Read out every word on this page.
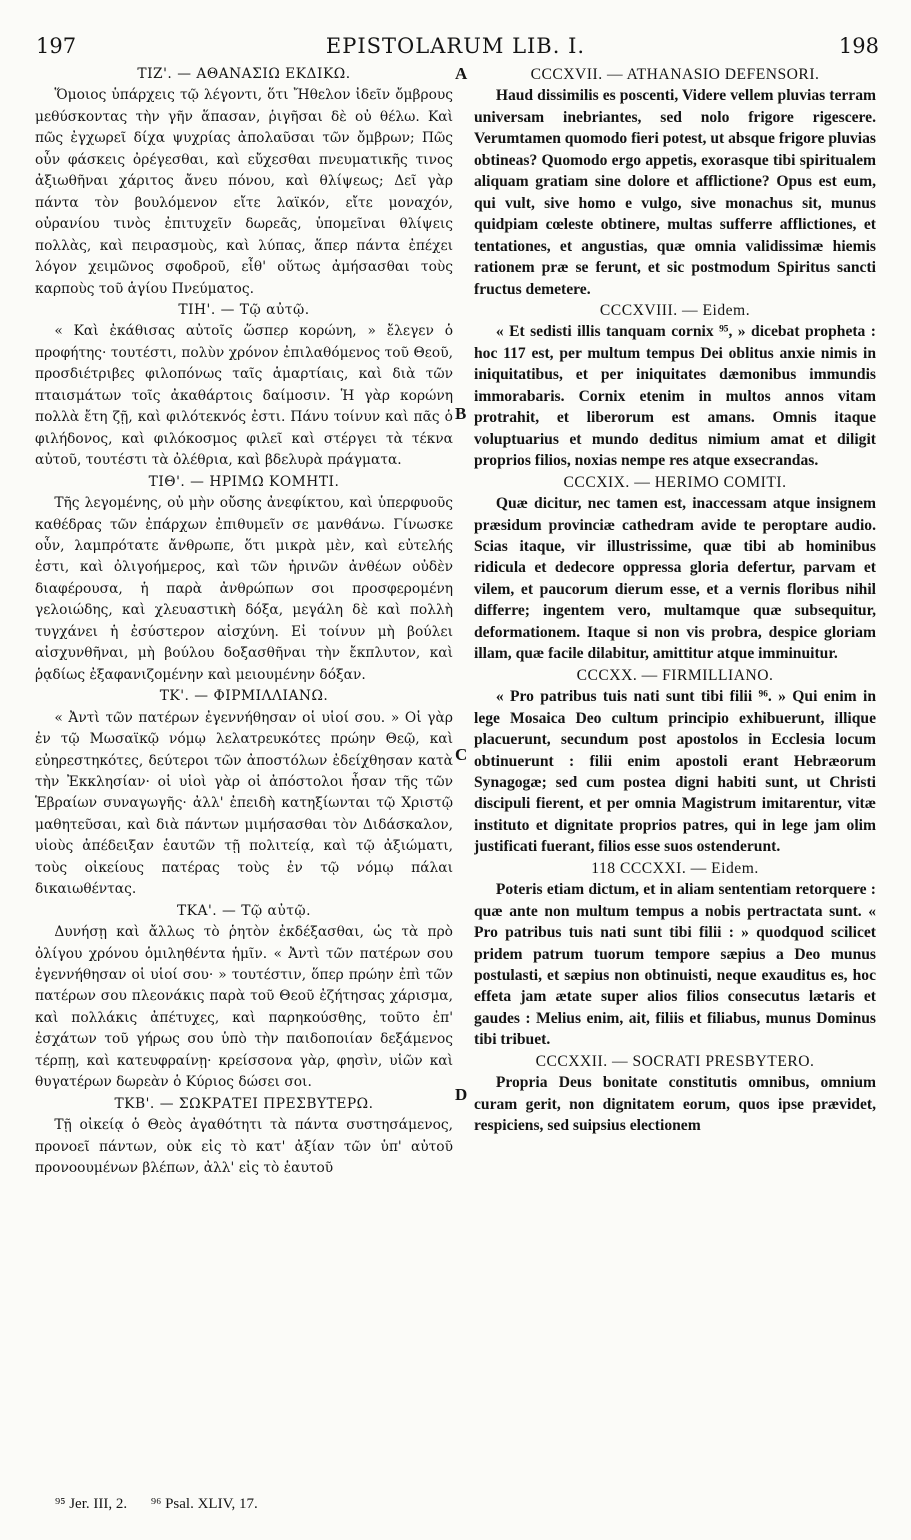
197	EPISTOLARUM LIB. I.	198
ΤΙΖ'. — ΑΘΑΝΑΣΙΩ ΕΚΔΙΚΩ.

Ὅμοιος ὑπάρχεις τῷ λέγοντι, ὅτι Ἤθελον ἰδεῖν ὄμβρους μεθύσκοντας τὴν γῆν ἅπασαν, ῥιγῆσαι δὲ οὐ θέλω. Καὶ πῶς ἐγχωρεῖ δίχα ψυχρίας ἀπολαῦσαι τῶν ὄμβρων; Πῶς οὖν φάσκεις ὀρέγεσθαι, καὶ εὔχεσθαι πνευματικῆς τινος ἀξιωθῆναι χάριτος ἄνευ πόνου, καὶ θλίψεως; Δεῖ γὰρ πάντα τὸν βουλόμενον εἴτε λαϊκόν, εἴτε μοναχόν, οὐρανίου τινὸς ἐπιτυχεῖν δωρεᾶς, ὑπομεῖναι θλίψεις πολλὰς, καὶ πειρασμοὺς, καὶ λύπας, ἅπερ πάντα ἐπέχει λόγον χειμῶνος σφοδροῦ, εἶθ' οὕτως ἀμήσασθαι τοὺς καρποὺς τοῦ ἁγίου Πνεύματος.

ΤΙΗ'. — Τῷ αὐτῷ.

« Καὶ ἐκάθισας αὐτοῖς ὥσπερ κορώνη, » ἔλεγεν ὁ προφήτης· τουτέστι, πολὺν χρόνον ἐπιλαθόμενος τοῦ Θεοῦ, προσδιέτριβες φιλοπόνως ταῖς ἁμαρτίαις, καὶ διὰ τῶν πταισμάτων τοῖς ἀκαθάρτοις δαίμοσιν. Ἡ γὰρ κορώνη πολλὰ ἔτη ζῇ, καὶ φιλότεκνός ἐστι. Πάνυ τοίνυν καὶ πᾶς ὁ φιλήδονος, καὶ φιλόκοσμος φιλεῖ καὶ στέργει τὰ τέκνα αὐτοῦ, τουτέστι τὰ ὀλέθρια, καὶ βδελυρὰ πράγματα.

ΤΙΘ'. — ΗΡΙΜΩ ΚΟΜΗΤΙ.

Τῆς λεγομένης, οὐ μὴν οὔσης ἀνεφίκτου, καὶ ὑπερφυοῦς καθέδρας τῶν ἐπάρχων ἐπιθυμεῖν σε μανθάνω. Γίνωσκε οὖν, λαμπρότατε ἄνθρωπε, ὅτι μικρὰ μὲν, καὶ εὐτελής ἐστι, καὶ ὀλιγοήμερος, καὶ τῶν ἠρινῶν ἀνθέων οὐδὲν διαφέρουσα, ἡ παρὰ ἀνθρώπων σοι προσφερομένη γελοιώδης, καὶ χλευαστικὴ δόξα, μεγάλη δὲ καὶ πολλὴ τυγχάνει ἡ ἐσύστερον αἰσχύνη. Εἰ τοίνυν μὴ βούλει αἰσχυνθῆναι, μὴ βούλου δοξασθῆναι τὴν ἔκπλυτον, καὶ ῥᾳδίως ἐξαφανιζομένην καὶ μειουμένην δόξαν.

ΤΚ'. — ΦΙΡΜΙΛΛΙΑΝΩ.

« Ἀντὶ τῶν πατέρων ἐγεννήθησαν οἱ υἱοί σου. » Οἱ γὰρ ἐν τῷ Μωσαϊκῷ νόμῳ λελατρευκότες πρώην Θεῷ, καὶ εὐηρεστηκότες, δεύτεροι τῶν ἀποστόλων ἐδείχθησαν κατὰ τὴν Ἐκκλησίαν· οἱ υἱοὶ γὰρ οἱ ἀπόστολοι ἦσαν τῆς τῶν Ἑβραίων συναγωγῆς· ἀλλ' ἐπειδὴ κατηξίωνται τῷ Χριστῷ μαθητεῦσαι, καὶ διὰ πάντων μιμήσασθαι τὸν Διδάσκαλον, υἱοὺς ἀπέδειξαν ἑαυτῶν τῇ πολιτείᾳ, καὶ τῷ ἀξιώματι, τοὺς οἰκείους πατέρας τοὺς ἐν τῷ νόμῳ πάλαι δικαιωθέντας.

ΤΚΑ'. — Τῷ αὐτῷ.

Δυνήσῃ καὶ ἄλλως τὸ ῥητὸν ἐκδέξασθαι, ὡς τὰ πρὸ ὀλίγου χρόνου ὁμιληθέντα ἡμῖν. « Ἀντὶ τῶν πατέρων σου ἐγεννήθησαν οἱ υἱοί σου· » τουτέστιν, ὅπερ πρώην ἐπὶ τῶν πατέρων σου πλεονάκις παρὰ τοῦ Θεοῦ ἐζήτησας χάρισμα, καὶ πολλάκις ἀπέτυχες, καὶ παρηκούσθης, τοῦτο ἐπ' ἐσχάτων τοῦ γήρως σου ὑπὸ τὴν παιδοποιίαν δεξάμενος τέρπῃ, καὶ κατευφραίνῃ· κρείσσονα γὰρ, φησὶν, υἱῶν καὶ θυγατέρων δωρεὰν ὁ Κύριος δώσει σοι.

ΤΚΒ'. — ΣΩΚΡΑΤΕΙ ΠΡΕΣΒΥΤΕΡΩ.

Τῇ οἰκείᾳ ὁ Θεὸς ἀγαθότητι τὰ πάντα συστησάμενος, προνοεῖ πάντων, οὐκ εἰς τὸ κατ' ἀξίαν τῶν ὑπ' αὐτοῦ προνοουμένων βλέπων, ἀλλ' εἰς τὸ ἑαυτοῦ

A
B
C
D
CCCXVII. — ATHANASIO DEFENSORI.

Haud dissimilis es poscenti, Videre vellem pluvias terram universam inebriantes, sed nolo frigore rigescere. Verumtamen quomodo fieri potest, ut absque frigore pluvias obtineas? Quomodo ergo appetis, exorasque tibi spiritualem aliquam gratiam sine dolore et afflictione? Opus est eum, qui vult, sive homo e vulgo, sive monachus sit, munus quidpiam cœleste obtinere, multas sufferre afflictiones, et tentationes, et angustias, quæ omnia validissimæ hiemis rationem præ se ferunt, et sic postmodum Spiritus sancti fructus demetere.

CCCXVIII. — Eidem.

« Et sedisti illis tanquam cornix ⁹⁵, » dicebat propheta : hoc 117 est, per multum tempus Dei oblitus anxie nimis in iniquitatibus, et per iniquitates dæmonibus immundis immorabaris. Cornix etenim in multos annos vitam protrahit, et liberorum est amans. Omnis itaque voluptuarius et mundo deditus nimium amat et diligit proprios filios, noxias nempe res atque exsecrandas.

CCCXIX. — HERIMO COMITI.

Quæ dicitur, nec tamen est, inaccessam atque insignem præsidum provinciæ cathedram avide te peroptare audio. Scias itaque, vir illustrissime, quæ tibi ab hominibus ridicula et dedecore oppressa gloria defertur, parvam et vilem, et paucorum dierum esse, et a vernis floribus nihil differre; ingentem vero, multamque quæ subsequitur, deformationem. Itaque si non vis probra, despice gloriam illam, quæ facile dilabitur, amittitur atque imminuitur.

CCCXX. — FIRMILLIANO.

« Pro patribus tuis nati sunt tibi filii ⁹⁶. » Qui enim in lege Mosaica Deo cultum principio exhibuerunt, illique placuerunt, secundum post apostolos in Ecclesia locum obtinuerunt : filii enim apostoli erant Hebræorum Synagogæ; sed cum postea digni habiti sunt, ut Christi discipuli fierent, et per omnia Magistrum imitarentur, vitæ instituto et dignitate proprios patres, qui in lege jam olim justificati fuerant, filios esse suos ostenderunt.

118 CCCXXI. — Eidem.

Poteris etiam dictum, et in aliam sententiam retorquere : quæ ante non multum tempus a nobis pertractata sunt. « Pro patribus tuis nati sunt tibi filii : » quodquod scilicet pridem patrum tuorum tempore sæpius a Deo munus postulasti, et sæpius non obtinuisti, neque exauditus es, hoc effeta jam ætate super alios filios consecutus lætaris et gaudes : Melius enim, ait, filiis et filiabus, munus Dominus tibi tribuet.

CCCXXII. — SOCRATI PRESBYTERO.

Propria Deus bonitate constitutis omnibus, omnium curam gerit, non dignitatem eorum, quos ipse prævidet, respiciens, sed suipsius electionem

⁹⁵ Jer. III, 2. ⁹⁶ Psal. XLIV, 17.
